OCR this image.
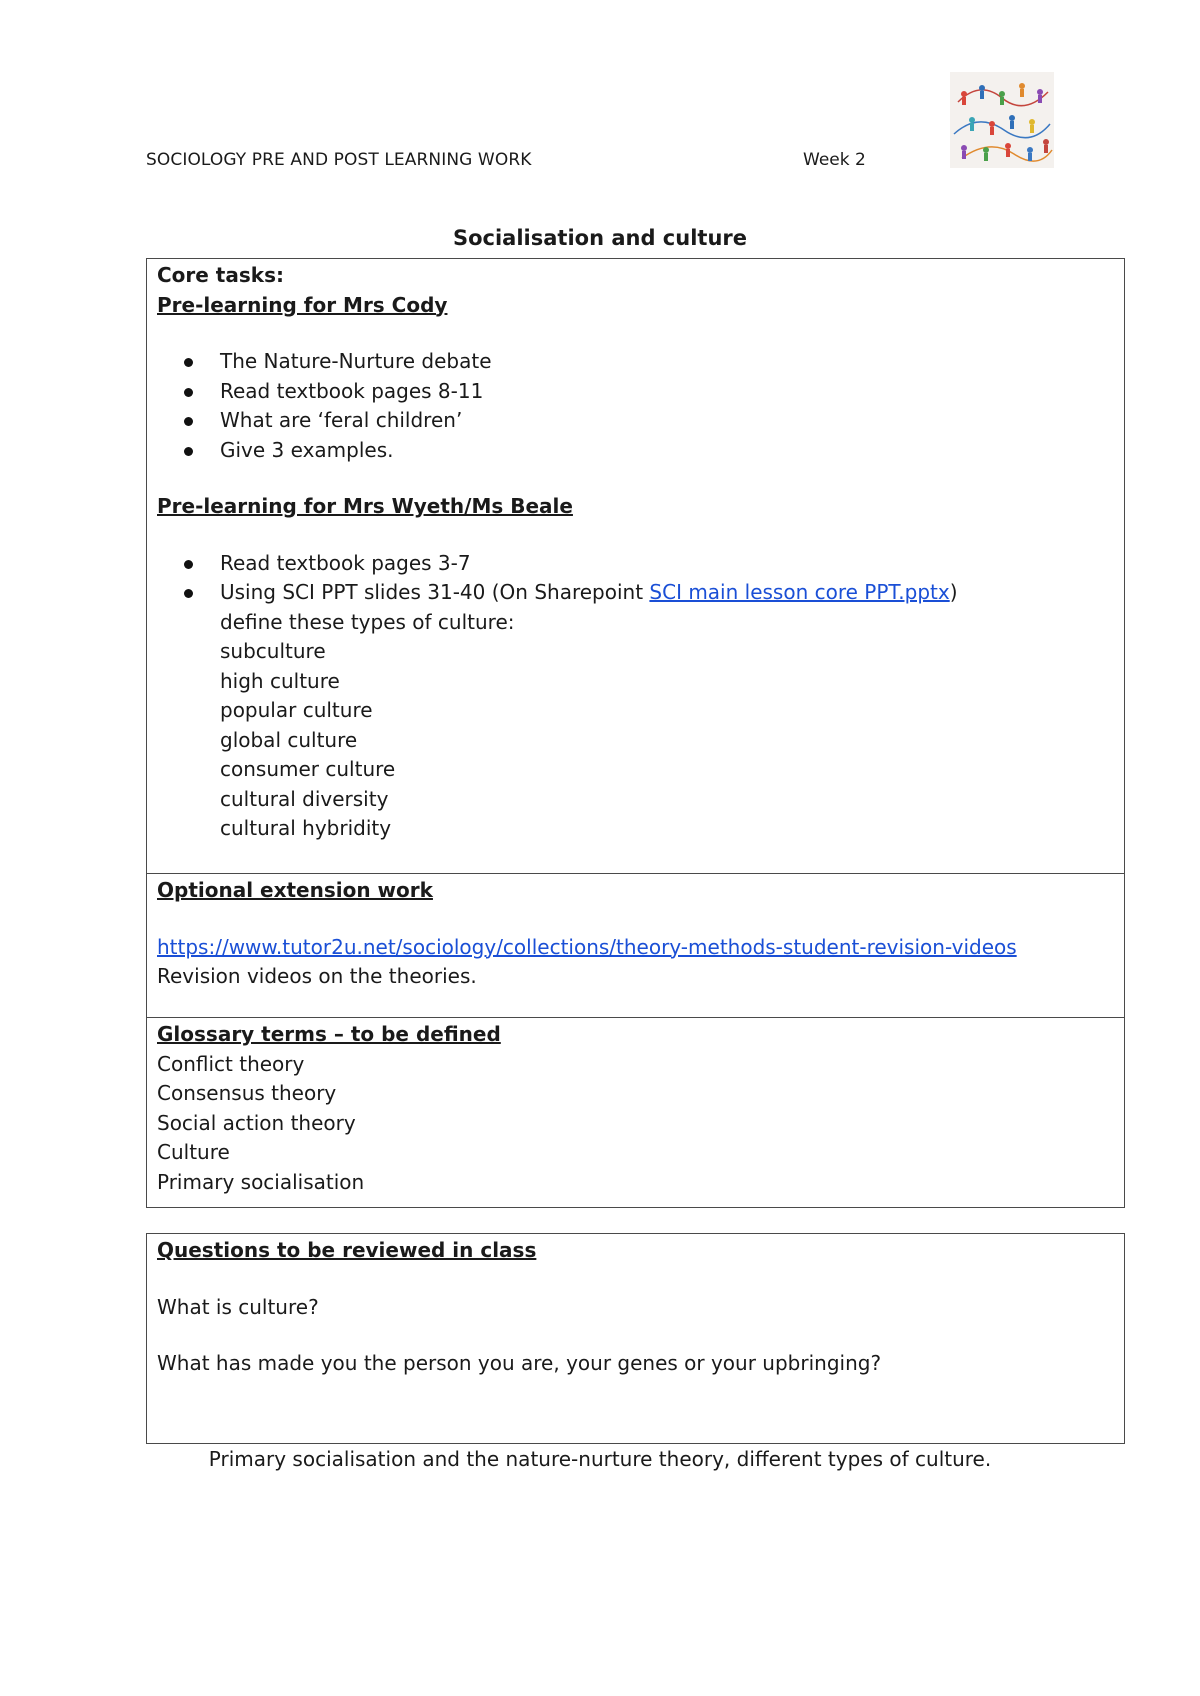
SOCIOLOGY PRE AND POST LEARNING WORK	Week 2
Socialisation and culture
Core tasks:
Pre-learning for Mrs Cody
The Nature-Nurture debate
Read textbook pages 8-11
What are ‘feral children’
Give 3 examples.
Pre-learning for Mrs Wyeth/Ms Beale
Read textbook pages 3-7
Using SCI PPT slides 31-40 (On Sharepoint SCI main lesson core PPT.pptx)
define these types of culture:
subculture
high culture
popular culture
global culture
consumer culture
cultural diversity
cultural hybridity
Optional extension work
https://www.tutor2u.net/sociology/collections/theory-methods-student-revision-videos
Revision videos on the theories.
Glossary terms – to be defined
Conflict theory
Consensus theory
Social action theory
Culture
Primary socialisation
Questions to be reviewed in class
What is culture?
What has made you the person you are, your genes or your upbringing?
Primary socialisation and the nature-nurture theory, different types of culture.
